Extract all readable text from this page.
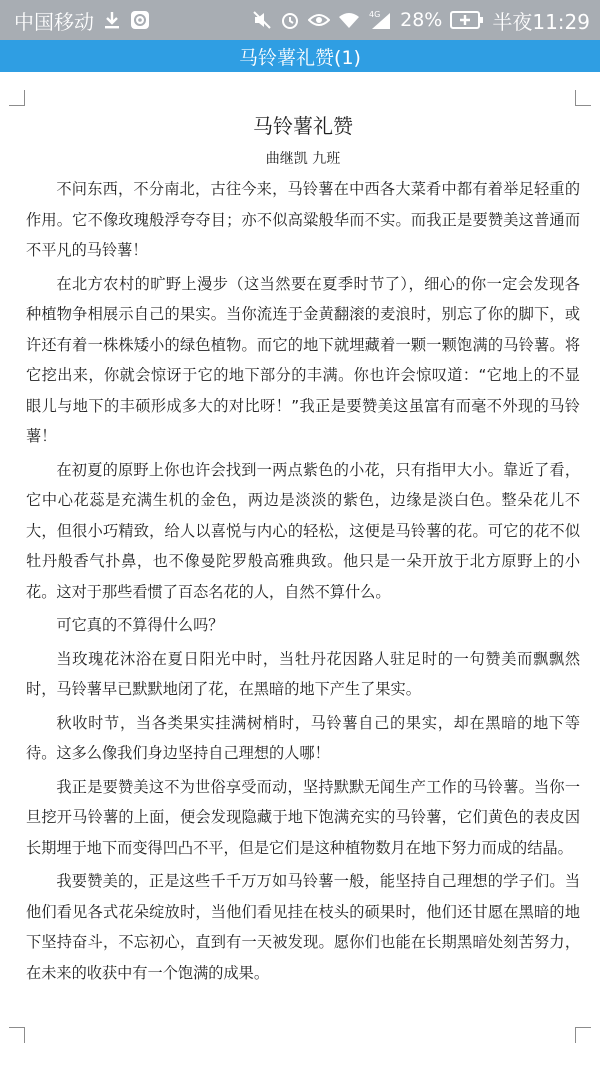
中国移动	4G 28%	半夜11:29
马铃薯礼赞(1)
马铃薯礼赞
曲继凯 九班

不问东西，不分南北，古往今来，马铃薯在中西各大菜肴中都有着举足轻重的作用。它不像玫瑰般浮夸夺目；亦不似高粱般华而不实。而我正是要赞美这普通而不平凡的马铃薯！

在北方农村的旷野上漫步（这当然要在夏季时节了），细心的你一定会发现各种植物争相展示自己的果实。当你流连于金黄翻滚的麦浪时，别忘了你的脚下，或许还有着一株株矮小的绿色植物。而它的地下就埋藏着一颗一颗饱满的马铃薯。将它挖出来，你就会惊讶于它的地下部分的丰满。你也许会惊叹道：“它地上的不显眼儿与地下的丰硕形成多大的对比呀！”我正是要赞美这虽富有而毫不外现的马铃薯！

在初夏的原野上你也许会找到一两点紫色的小花，只有指甲大小。靠近了看，它中心花蕊是充满生机的金色，两边是淡淡的紫色，边缘是淡白色。整朵花儿不大，但很小巧精致，给人以喜悦与内心的轻松，这便是马铃薯的花。可它的花不似牡丹般香气扑鼻，也不像曼陀罗般高雅典致。他只是一朵开放于北方原野上的小花。这对于那些看惯了百态名花的人，自然不算什么。

可它真的不算得什么吗？

当玫瑰花沐浴在夏日阳光中时，当牡丹花因路人驻足时的一句赞美而飘飘然时，马铃薯早已默默地闭了花，在黑暗的地下产生了果实。

秋收时节，当各类果实挂满树梢时，马铃薯自己的果实，却在黑暗的地下等待。这多么像我们身边坚持自己理想的人哪！

我正是要赞美这不为世俗享受而动，坚持默默无闻生产工作的马铃薯。当你一旦挖开马铃薯的上面，便会发现隐藏于地下饱满充实的马铃薯，它们黄色的表皮因长期埋于地下而变得凹凸不平，但是它们是这种植物数月在地下努力而成的结晶。

我要赞美的，正是这些千千万万如马铃薯一般，能坚持自己理想的学子们。当他们看见各式花朵绽放时，当他们看见挂在枝头的硕果时，他们还甘愿在黑暗的地下坚持奋斗，不忘初心，直到有一天被发现。愿你们也能在长期黑暗处刻苦努力，在未来的收获中有一个饱满的成果。
